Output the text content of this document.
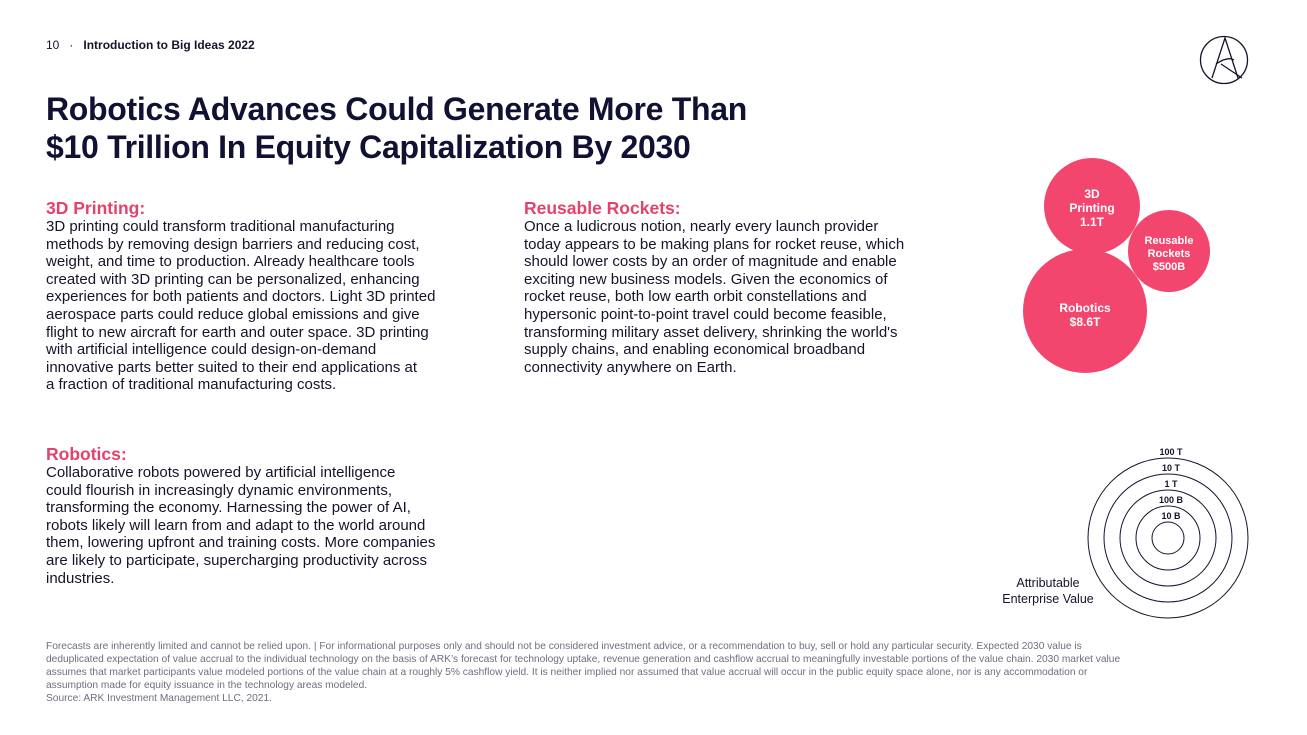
10 · Introduction to Big Ideas 2022
Robotics Advances Could Generate More Than
$10 Trillion In Equity Capitalization By 2030
3D Printing:
3D printing could transform traditional manufacturing
methods by removing design barriers and reducing cost,
weight, and time to production. Already healthcare tools
created with 3D printing can be personalized, enhancing
experiences for both patients and doctors. Light 3D printed
aerospace parts could reduce global emissions and give
flight to new aircraft for earth and outer space. 3D printing
with artificial intelligence could design-on-demand
innovative parts better suited to their end applications at
a fraction of traditional manufacturing costs.
Reusable Rockets:
Once a ludicrous notion, nearly every launch provider
today appears to be making plans for rocket reuse, which
should lower costs by an order of magnitude and enable
exciting new business models. Given the economics of
rocket reuse, both low earth orbit constellations and
hypersonic point-to-point travel could become feasible,
transforming military asset delivery, shrinking the world's
supply chains, and enabling economical broadband
connectivity anywhere on Earth.
Robotics:
Collaborative robots powered by artificial intelligence
could flourish in increasingly dynamic environments,
transforming the economy. Harnessing the power of AI,
robots likely will learn from and adapt to the world around
them, lowering upfront and training costs. More companies
are likely to participate, supercharging productivity across
industries.
3D
Printing
1.1T
Reusable
Rockets
$500B
Robotics
$8.6T
100 T
10 T
1 T
100 B
10 B
Attributable
Enterprise Value
Forecasts are inherently limited and cannot be relied upon. | For informational purposes only and should not be considered investment advice, or a recommendation to buy, sell or hold any particular security. Expected 2030 value is
deduplicated expectation of value accrual to the individual technology on the basis of ARK’s forecast for technology uptake, revenue generation and cashflow accrual to meaningfully investable portions of the value chain. 2030 market value
assumes that market participants value modeled portions of the value chain at a roughly 5% cashflow yield. It is neither implied nor assumed that value accrual will occur in the public equity space alone, nor is any accommodation or
assumption made for equity issuance in the technology areas modeled.
Source: ARK Investment Management LLC, 2021.
